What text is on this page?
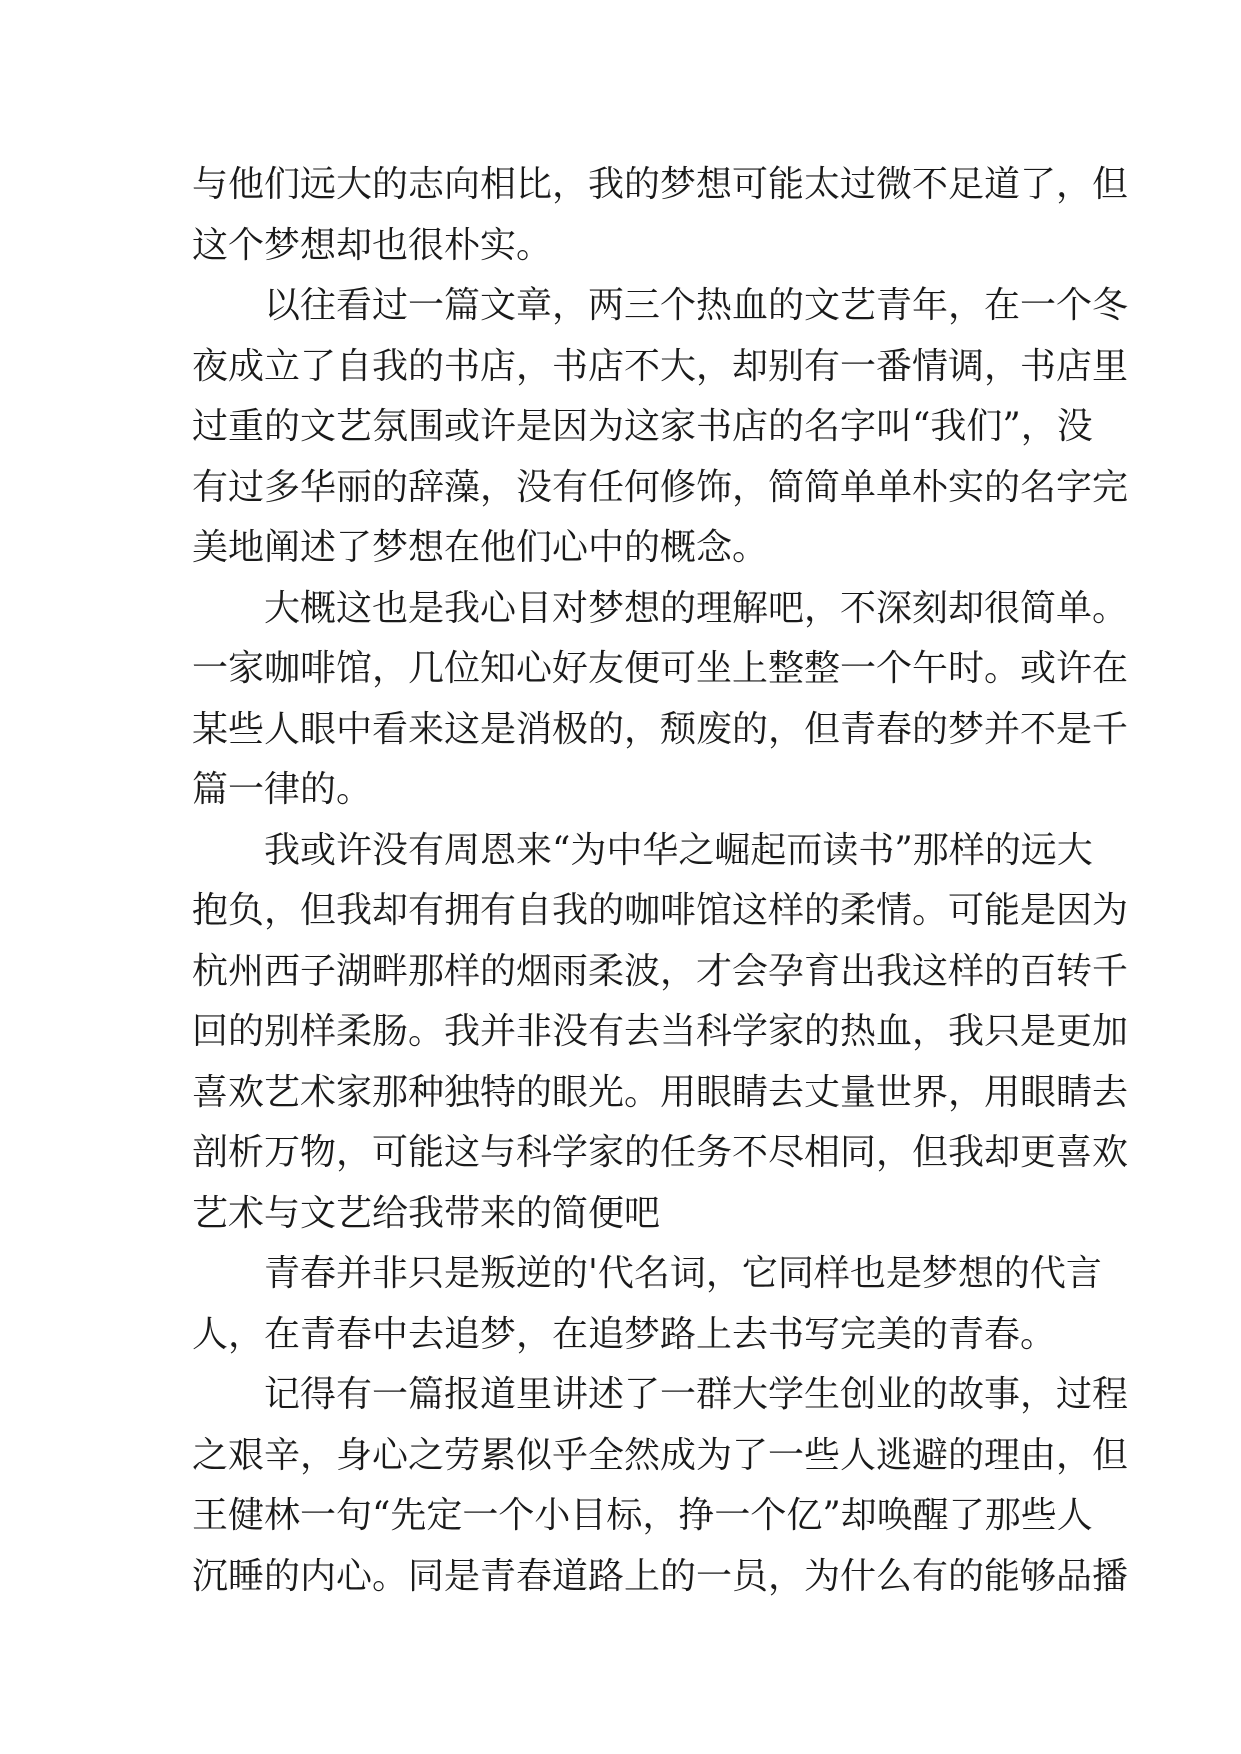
与他们远大的志向相比，我的梦想可能太过微不足道了，但
这个梦想却也很朴实。
以往看过一篇文章，两三个热血的文艺青年，在一个冬
夜成立了自我的书店，书店不大，却别有一番情调，书店里
过重的文艺氛围或许是因为这家书店的名字叫“我们”，没
有过多华丽的辞藻，没有任何修饰，简简单单朴实的名字完
美地阐述了梦想在他们心中的概念。
大概这也是我心目对梦想的理解吧，不深刻却很简单。
一家咖啡馆，几位知心好友便可坐上整整一个午时。或许在
某些人眼中看来这是消极的，颓废的，但青春的梦并不是千
篇一律的。
我或许没有周恩来“为中华之崛起而读书”那样的远大
抱负，但我却有拥有自我的咖啡馆这样的柔情。可能是因为
杭州西子湖畔那样的烟雨柔波，才会孕育出我这样的百转千
回的别样柔肠。我并非没有去当科学家的热血，我只是更加
喜欢艺术家那种独特的眼光。用眼睛去丈量世界，用眼睛去
剖析万物，可能这与科学家的任务不尽相同，但我却更喜欢
艺术与文艺给我带来的简便吧
青春并非只是叛逆的'代名词，它同样也是梦想的代言
人，在青春中去追梦，在追梦路上去书写完美的青春。
记得有一篇报道里讲述了一群大学生创业的故事，过程
之艰辛，身心之劳累似乎全然成为了一些人逃避的理由，但
王健林一句“先定一个小目标，挣一个亿”却唤醒了那些人
沉睡的内心。同是青春道路上的一员，为什么有的能够品播
